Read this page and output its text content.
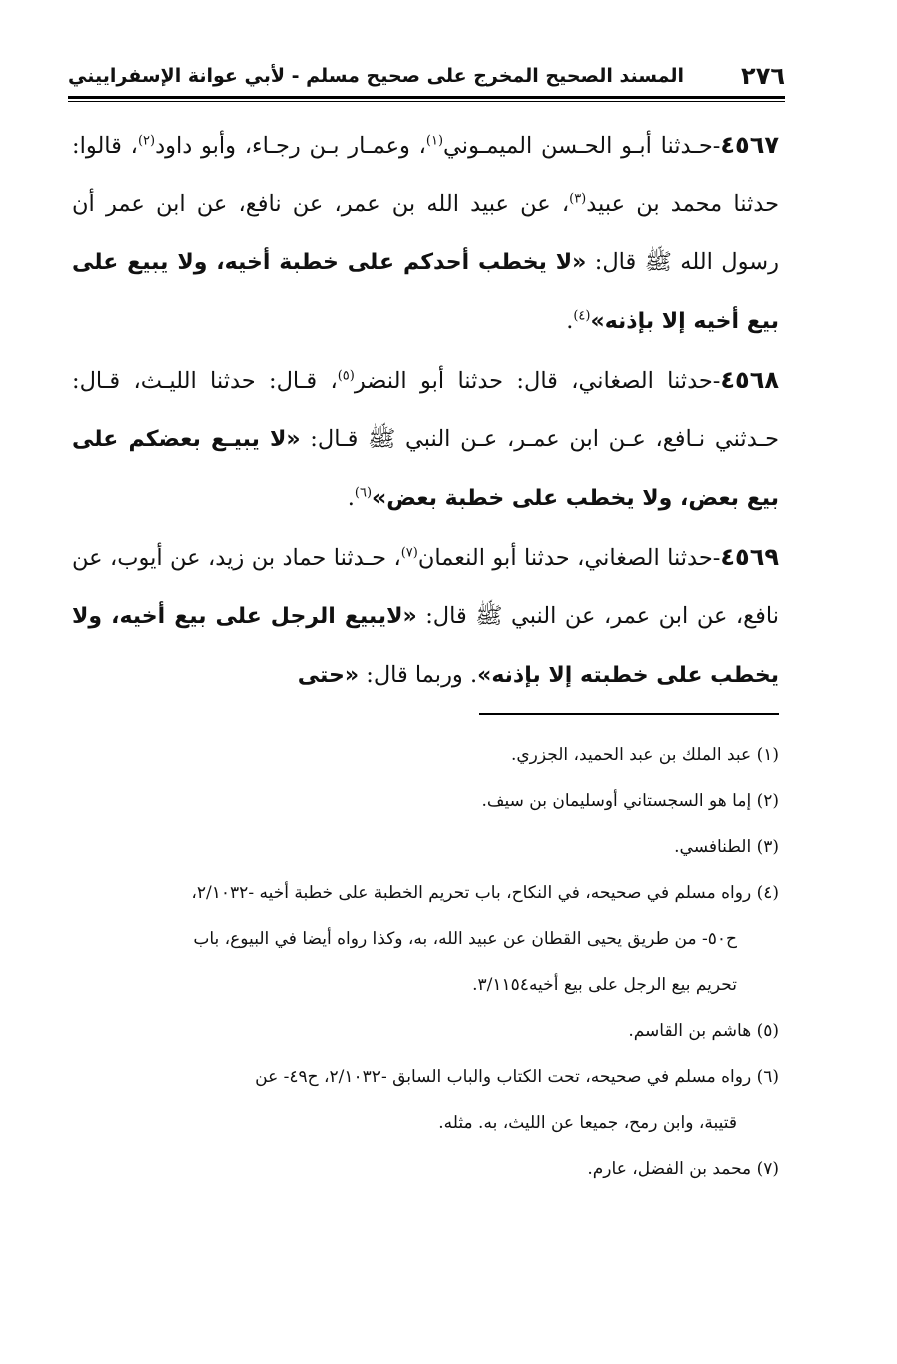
٢٧٦
المسند الصحيح المخرج على صحيح مسلم - لأبي عوانة الإسفراييني

٤٥٦٧-حـدثنا أبـو الحـسن الميمـوني$^{(١)}$، وعمـار بـن رجـاء، وأبو داود$^{(٢)}$، قالوا: حدثنا محمد بن عبيد$^{(٣)}$، عن عبيد الله بن عمر، عن نافع، عن ابن عمر أن رسول الله ﷺ قال: «لا يخطب أحدكم على خطبة أخيه، ولا يبيع على بيع أخيه إلا بإذنه»$^{(٤)}$.

٤٥٦٨-حدثنا الصغاني، قال: حدثنا أبو النضر$^{(٥)}$، قـال: حدثنا الليـث، قـال: حـدثني نـافع، عـن ابن عمـر، عـن النبي ﷺ قـال: «لا يبيـع بعضكم على بيع بعض، ولا يخطب على خطبة بعض»$^{(٦)}$.

٤٥٦٩-حدثنا الصغاني، حدثنا أبو النعمان$^{(٧)}$، حـدثنا حماد بن زيد، عن أيوب، عن نافع، عن ابن عمر، عن النبي ﷺ قال: «لايبيع الرجل على بيع أخيه، ولا يخطب على خطبته إلا بإذنه». وربما قال: «حتى

(١) عبد الملك بن عبد الحميد، الجزري.

(٢) إما هو السجستاني أوسليمان بن سيف.

(٣) الطنافسي.

(٤) رواه مسلم في صحيحه، في النكاح، باب تحريم الخطبة على خطبة أخيه -٢/١٠٣٢،
ح٥٠- من طريق يحيى القطان عن عبيد الله، به، وكذا رواه أيضا في البيوع، باب
تحريم بيع الرجل على بيع أخيه٣/١١٥٤.

(٥) هاشم بن القاسم.

(٦) رواه مسلم في صحيحه، تحت الكتاب والباب السابق -٢/١٠٣٢، ح٤٩- عن
قتيبة، وابن رمح، جميعا عن الليث، به. مثله.

(٧) محمد بن الفضل، عارم.
